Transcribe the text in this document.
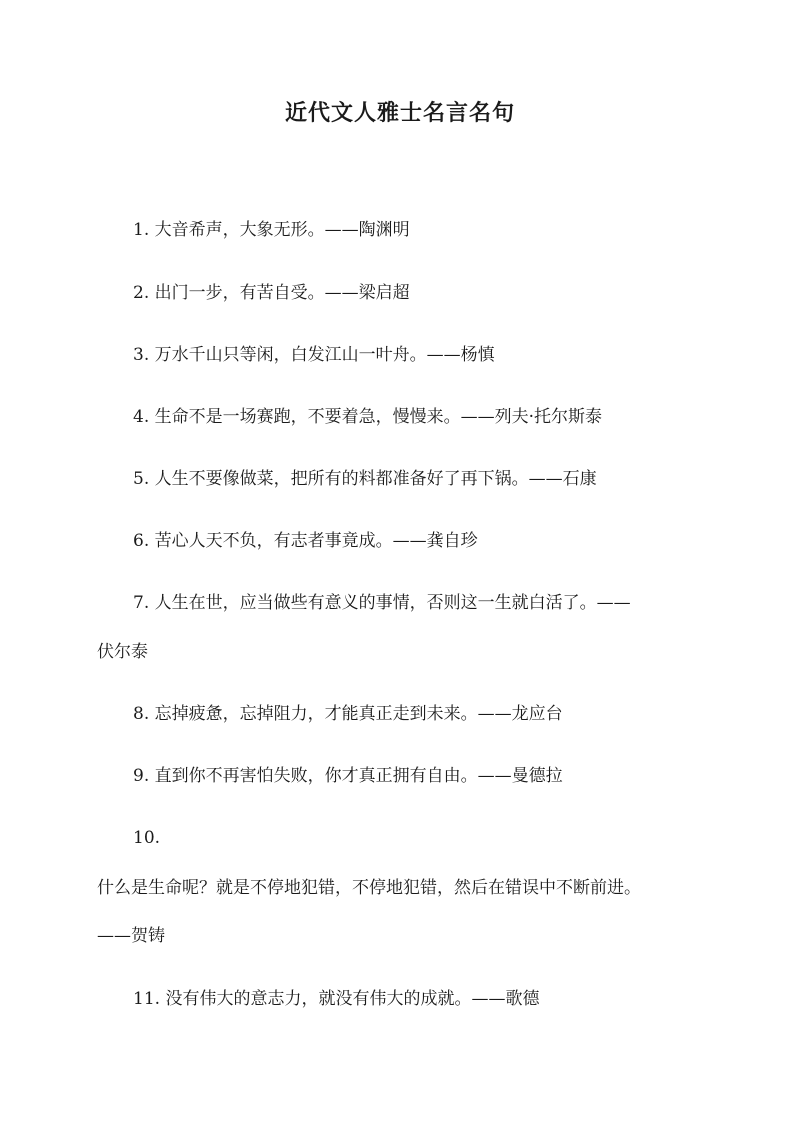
近代文人雅士名言名句
1. 大音希声，大象无形。——陶渊明
2. 出门一步，有苦自受。——梁启超
3. 万水千山只等闲，白发江山一叶舟。——杨慎
4. 生命不是一场赛跑，不要着急，慢慢来。——列夫·托尔斯泰
5. 人生不要像做菜，把所有的料都准备好了再下锅。——石康
6. 苦心人天不负，有志者事竟成。——龚自珍
7. 人生在世，应当做些有意义的事情，否则这一生就白活了。——
伏尔泰
8. 忘掉疲惫，忘掉阻力，才能真正走到未来。——龙应台
9. 直到你不再害怕失败，你才真正拥有自由。——曼德拉
10.
什么是生命呢？就是不停地犯错，不停地犯错，然后在错误中不断前进。
——贺铸
11. 没有伟大的意志力，就没有伟大的成就。——歌德
